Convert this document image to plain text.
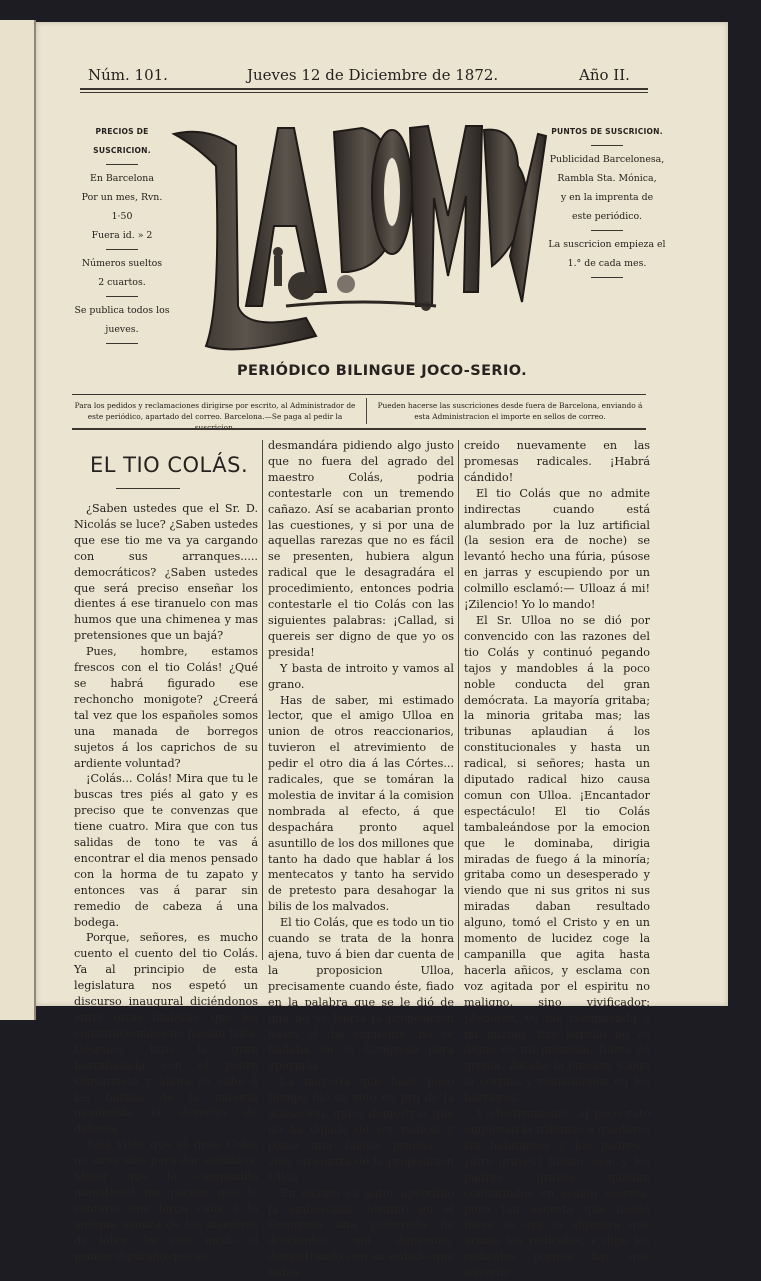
Núm. 101.	Jueves 12 de Diciembre de 1872.	Año II.
PRECIOS DE SUSCRICION.
En Barcelona
Por un mes, Rvn. 1·50
Fuera id. » 2
Números sueltos
2 cuartos.
Se publica todos los
jueves.
PUNTOS DE SUSCRICION.
Publicidad Barcelonesa,
Rambla Sta. Mónica,
y en la imprenta de
este periódico.
La suscricion empieza el
1.° de cada mes.
PERIÓDICO BILINGUE JOCO-SERIO.
Para los pedidos y reclamaciones dirigirse por escrito, al Administrador de este periódico, apartado del correo. Barcelona.—Se paga al pedir la
Pueden hacerse las suscriciones desde fuera de Barcelona, enviando á esta Administracion el importe en sellos de correo.
EL TIO COLÁS.

¿Saben ustedes que el Sr. D. Nicolás se luce? ¿Saben ustedes que ese tio me va ya cargando con sus arranques..... democráticos? ¿Saben ustedes que será preciso enseñar los dientes á ese tiranuelo con mas humos que una chimenea y mas pretensiones que un bajá?

Pues, hombre, estamos frescos con el tio Colás! ¿Qué se habrá figurado ese rechoncho monigote? ¿Creerá tal vez que los españoles somos una manada de borregos sujetos á los caprichos de su ardiente voluntad?

¡Colás... Colás! Mira que tu le buscas tres piés al gato y es preciso que te convenzas que tiene cuatro. Mira que con tus salidas de tono te vas á encontrar el dia menos pensado con la horma de tu zapato y entonces vas á parar sin remedio de cabeza á una bodega.

Porque, señores, es mucho cuento el cuento del tio Colás. Ya al principio de esta legislatura nos espetó un discurso inaugural diciéndonos entre otras lindezas, que los constitucionales no hacian falta. Despues, hizo la gran barrabasada con el pobre Olavarrieta y ahora se sube á las barbas de la minoría negándola el derecho de defensa.

Está visto que el gran Colás no sirve sino para dar estufidos. Mejor que la campanilla ministerial me parece que le sentaria una larga caña á la antigua usanza de las maestras de labor. De este modo al primer diputado que se

desmandára pidiendo algo justo que no fuera del agrado del maestro Colás, podria contestarle con un tremendo cañazo. Así se acabarian pronto las cuestiones, y si por una de aquellas rarezas que no es fácil se presenten, hubiera algun radical que le desagradára el procedimiento, entonces podria contestarle el tio Colás con las siguientes palabras: ¡Callad, si quereis ser digno de que yo os presida!

Y basta de introito y vamos al grano.

Has de saber, mi estimado lector, que el amigo Ulloa en union de otros reaccionarios, tuvieron el atrevimiento de pedir el otro dia á las Córtes... radicales, que se tomáran la molestia de invitar á la comision nombrada al efecto, á que despachára pronto aquel asuntillo de los dos millones que tanto ha dado que hablar á los mentecatos y tanto ha servido de pretesto para desahogar la bilis de los malvados.

El tio Colás, que es todo un tio cuando se trata de la honra ajena, tuvo á bien dar cuenta de la proposicion Ulloa, precisamente cuando éste, fiado en la palabra que se le dió de que no se leeria la proposicion hasta el dia siguiente, no se hallaba en el Congreso para apoyarla.

La mayoría que hace poco tiempo dió su voto en pró de la acusacion, quiso demostrar que no ha dejado de ser radical y como una buena prueba...... votó en contra de la proposicion Ulloa.

En cuanto su autor apercibió la emboscada, levantó en el Congreso una polvoreda de doscientos mil demonios, demostrando con su enfado que habia

creido nuevamente en las promesas radicales. ¡Habrá cándido!

El tio Colás que no admite indirectas cuando está alumbrado por la luz artificial (la sesion era de noche) se levantó hecho una fúria, púsose en jarras y escupiendo por un colmillo esclamó:— Ulloaz á mi! ¡Zilencio! Yo lo mando!

El Sr. Ulloa no se dió por convencido con las razones del tio Colás y continuó pegando tajos y mandobles á la poco noble conducta del gran demócrata. La mayoría gritaba; la minoria gritaba mas; las tribunas aplaudian á los constitucionales y hasta un radical, si señores; hasta un diputado radical hizo causa comun con Ulloa. ¡Encantador espectáculo! El tio Colás tambaleándose por la emocion que le dominaba, dirigia miradas de fuego á la minoría; gritaba como un desesperado y viendo que ni sus gritos ni sus miradas daban resultado alguno, tomó el Cristo y en un momento de lucidez coge la campanilla que agita hasta hacerla añicos, y esclama con voz agitada por el espiritu no maligno, sino vivificador: ¡Zeñorez, yo me recomiendo á mi mizmo. Eze barullo no ez digno de mi prezoma. Bazta de groma. Zacabó la juncion. Caiga la cortina y reunámonoz en los baztiorez.

Y efectivamente, al poco rato empiezan la tribunas á quedarse sin habitantes y los padres... ¿diré graves? bueno, sea; y los padres graves quedan constituidos en sesion secreta, pero tan secreta que desde fuera se oye la algazara que arman los radicales, y digo los radicales porque hay que advertir
